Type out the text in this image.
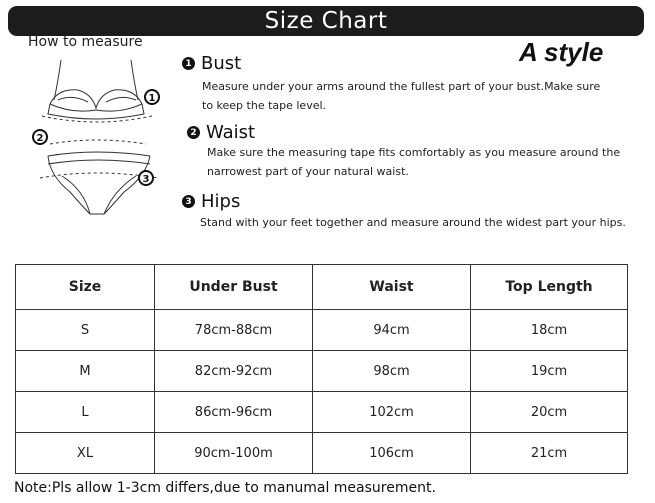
Size Chart
How to measure	A style
1
2
3
1 Bust
Measure under your arms around the fullest part of your bust.Make sure
to keep the tape level.
2 Waist
Make sure the measuring tape fits comfortably as you measure around the
narrowest part of your natural waist.
3 Hips
Stand with your feet together and measure around the widest part your hips.
Size	Under Bust	Waist	Top Length
S	78cm-88cm	94cm	18cm
M	82cm-92cm	98cm	19cm
L	86cm-96cm	102cm	20cm
XL	90cm-100m	106cm	21cm
Note:Pls allow 1-3cm differs,due to manumal measurement.
